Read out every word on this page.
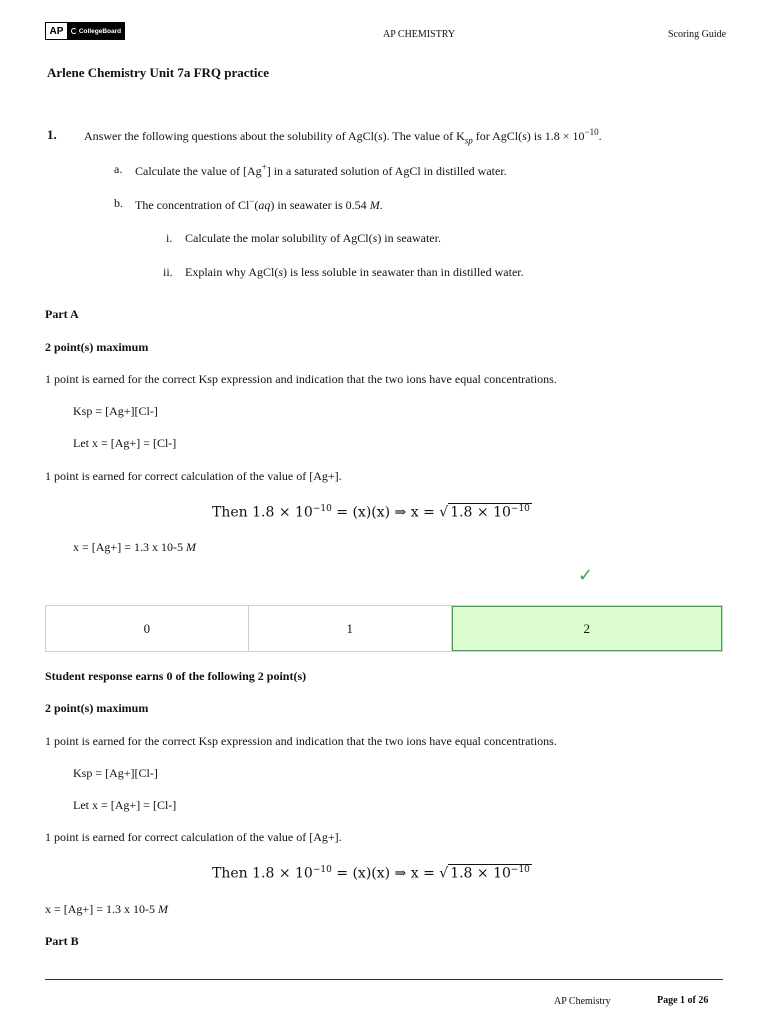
AP	CollegeBoard	AP CHEMISTRY	Scoring Guide
Arlene Chemistry Unit 7a FRQ practice
1. Answer the following questions about the solubility of AgCl(s). The value of $K_{sp}$ for AgCl(s) is $1.8 \times 10^{-10}$.
a. Calculate the value of [Ag+] in a saturated solution of AgCl in distilled water.
b. The concentration of Cl−(aq) in seawater is 0.54 M.
i. Calculate the molar solubility of AgCl(s) in seawater.
ii. Explain why AgCl(s) is less soluble in seawater than in distilled water.
Part A
2 point(s) maximum
1 point is earned for the correct Ksp expression and indication that the two ions have equal concentrations.
Ksp = [Ag+][Cl-]
Let x = [Ag+] = [Cl-]
1 point is earned for correct calculation of the value of [Ag+].
Then $1.8 \times 10^{-10} = (x)(x)$ ⇒ x = √ $1.8 \times 10^{-10}$
x = [Ag+] = 1.3 x 10-5 M
✓
0	1	2
Student response earns 0 of the following 2 point(s)
2 point(s) maximum
1 point is earned for the correct Ksp expression and indication that the two ions have equal concentrations.
Ksp = [Ag+][Cl-]
Let x = [Ag+] = [Cl-]
1 point is earned for correct calculation of the value of [Ag+].
Then $1.8 \times 10^{-10} = (x)(x)$ ⇒ x = √ $1.8 \times 10^{-10}$
x = [Ag+] = 1.3 x 10-5 M
Part B
AP Chemistry	Page 1 of 26
